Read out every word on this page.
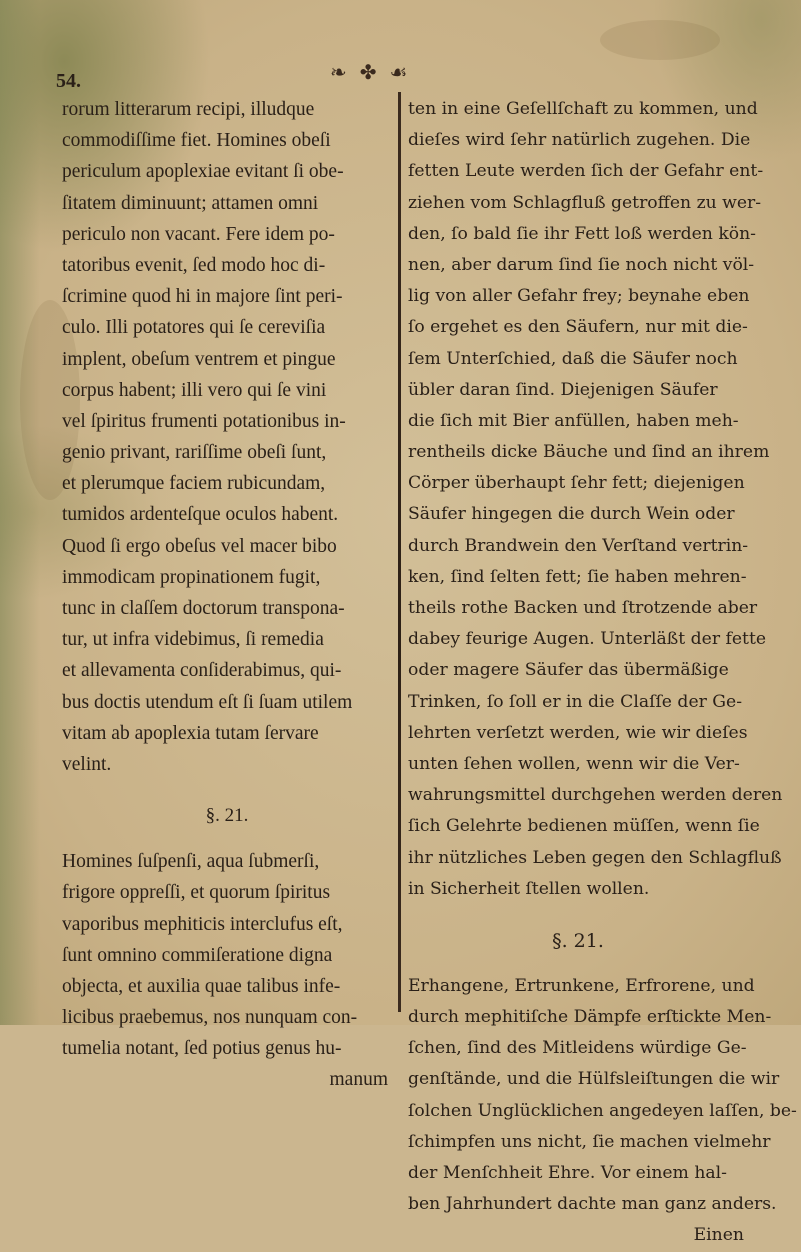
54.	❧ ✤ ☙
rorum litterarum recipi, illudque
commodiſſime fiet. Homines obeſi
periculum apoplexiae evitant ſi obe-
ſitatem diminuunt; attamen omni
periculo non vacant. Fere idem po-
tatoribus evenit, ſed modo hoc di-
ſcrimine quod hi in majore ſint peri-
culo. Illi potatores qui ſe cereviſia
implent, obeſum ventrem et pingue
corpus habent; illi vero qui ſe vini
vel ſpiritus frumenti potationibus in-
genio privant, rariſſime obeſi ſunt,
et plerumque faciem rubicundam,
tumidos ardenteſque oculos habent.
Quod ſi ergo obeſus vel macer bibo
immodicam propinationem fugit,
tunc in claſſem doctorum transpona-
tur, ut infra videbimus, ſi remedia
et allevamenta conſiderabimus, qui-
bus doctis utendum eſt ſi ſuam utilem
vitam ab apoplexia tutam ſervare
velint.
§. 21.
Homines ſuſpenſi, aqua ſubmerſi,
frigore oppreſſi, et quorum ſpiritus
vaporibus mephiticis interclufus eſt,
ſunt omnino commiſeratione digna
objecta, et auxilia quae talibus infe-
licibus praebemus, nos nunquam con-
tumelia notant, ſed potius genus hu-
manum
ten in eine Geſellſchaft zu kommen, und
dieſes wird ſehr natürlich zugehen. Die
fetten Leute werden ſich der Gefahr ent-
ziehen vom Schlagfluß getroffen zu wer-
den, ſo bald ſie ihr Fett loß werden kön-
nen, aber darum ſind ſie noch nicht völ-
lig von aller Gefahr frey; beynahe eben
ſo ergehet es den Säufern, nur mit die-
ſem Unterſchied, daß die Säufer noch
übler daran ſind. Diejenigen Säufer
die ſich mit Bier anfüllen, haben meh-
rentheils dicke Bäuche und ſind an ihrem
Cörper überhaupt ſehr fett; diejenigen
Säufer hingegen die durch Wein oder
durch Brandwein den Verſtand vertrin-
ken, ſind ſelten fett; ſie haben mehren-
theils rothe Backen und ſtrotzende aber
dabey feurige Augen. Unterläßt der fette
oder magere Säufer das übermäßige
Trinken, ſo ſoll er in die Claſſe der Ge-
lehrten verſetzt werden, wie wir dieſes
unten ſehen wollen, wenn wir die Ver-
wahrungsmittel durchgehen werden deren
ſich Gelehrte bedienen müſſen, wenn ſie
ihr nützliches Leben gegen den Schlagfluß
in Sicherheit ſtellen wollen.
§. 21.
Erhangene, Ertrunkene, Erfrorene, und
durch mephitiſche Dämpfe erſtickte Men-
ſchen, ſind des Mitleidens würdige Ge-
genſtände, und die Hülfsleiſtungen die wir
ſolchen Unglücklichen angedeyen laſſen, be-
ſchimpfen uns nicht, ſie machen vielmehr
der Menſchheit Ehre. Vor einem hal-
ben Jahrhundert dachte man ganz anders.
Einen
